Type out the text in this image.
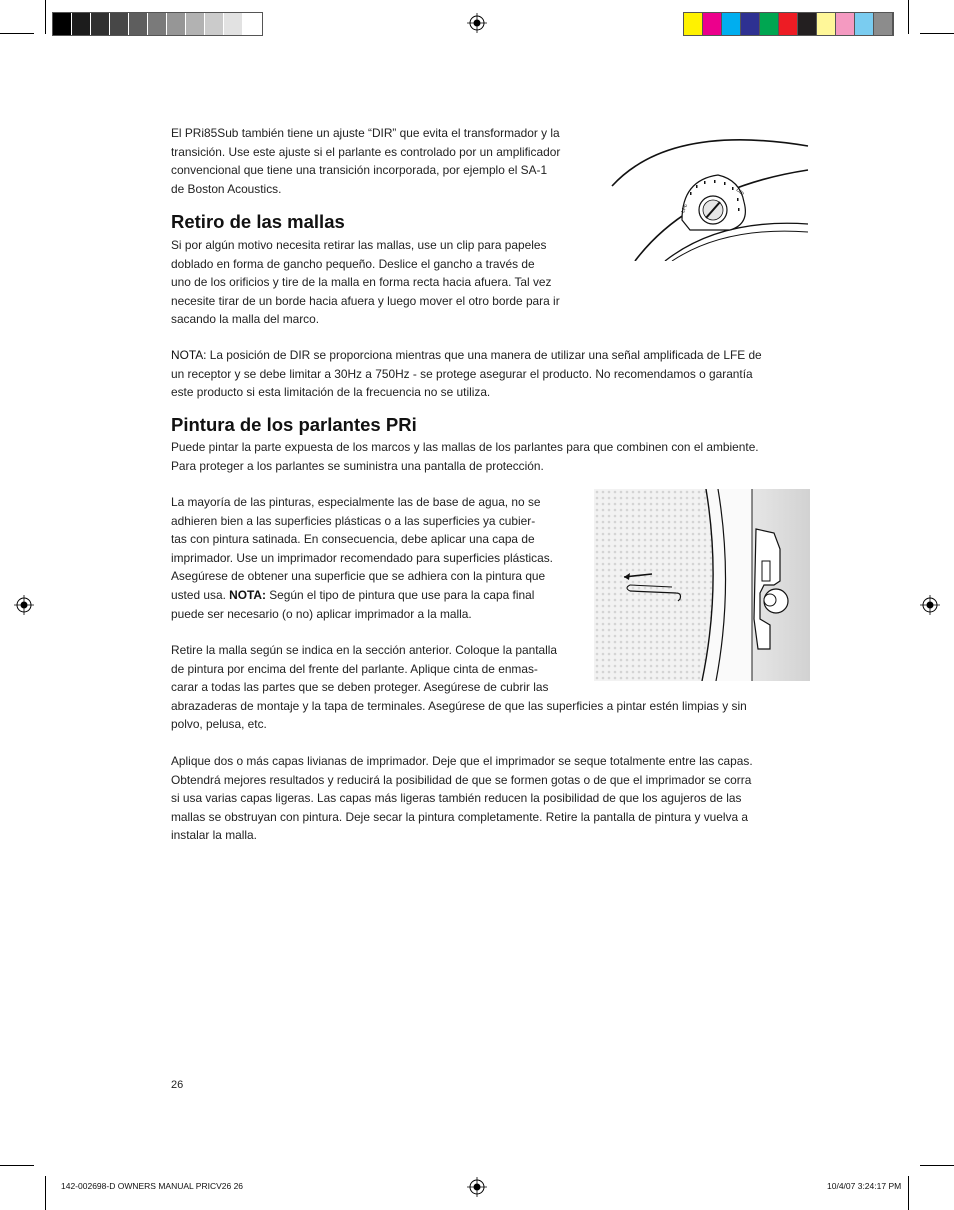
El PRi85Sub también tiene un ajuste “DIR” que evita el transformador y la

transición. Use este ajuste si el parlante es controlado por un amplificador

convencional que tiene una transición incorporada, por ejemplo el SA-1

de Boston Acoustics.

LFE
DIR
Retiro de las mallas

Si por algún motivo necesita retirar las mallas, use un clip para papeles

doblado en forma de gancho pequeño. Deslice el gancho a través de

uno de los orificios y tire de la malla en forma recta hacia afuera. Tal vez

necesite tirar de un borde hacia afuera y luego mover el otro borde para ir

sacando la malla del marco.

NOTA: La posición de DIR se proporciona mientras que una manera de utilizar una señal amplificada de LFE de

un receptor y se debe limitar a 30Hz a 750Hz - se protege asegurar el producto. No recomendamos o garantía

este producto si esta limitación de la frecuencia no se utiliza.

Pintura de los parlantes PRi

Puede pintar la parte expuesta de los marcos y las mallas de los parlantes para que combinen con el ambiente.

Para proteger a los parlantes se suministra una pantalla de protección.

La mayoría de las pinturas, especialmente las de base de agua, no se

adhieren bien a las superficies plásticas o a las superficies ya cubier-

tas con pintura satinada. En consecuencia, debe aplicar una capa de

imprimador. Use un imprimador recomendado para superficies plásticas.

Asegúrese de obtener una superficie que se adhiera con la pintura que

usted usa. NOTA: Según el tipo de pintura que use para la capa final

puede ser necesario (o no) aplicar imprimador a la malla.

Retire la malla según se indica en la sección anterior. Coloque la pantalla

de pintura por encima del frente del parlante. Aplique cinta de enmas-

carar a todas las partes que se deben proteger. Asegúrese de cubrir las

abrazaderas de montaje y la tapa de terminales. Asegúrese de que las superficies a pintar estén limpias y sin

polvo, pelusa, etc.

Aplique dos o más capas livianas de imprimador. Deje que el imprimador se seque totalmente entre las capas.

Obtendrá mejores resultados y reducirá la posibilidad de que se formen gotas o de que el imprimador se corra

si usa varias capas ligeras. Las capas más ligeras también reducen la posibilidad de que los agujeros de las

mallas se obstruyan con pintura. Deje secar la pintura completamente. Retire la pantalla de pintura y vuelva a

instalar la malla.

26
142-002698-D OWNERS MANUAL PRICV26 26	10/4/07 3:24:17 PM
